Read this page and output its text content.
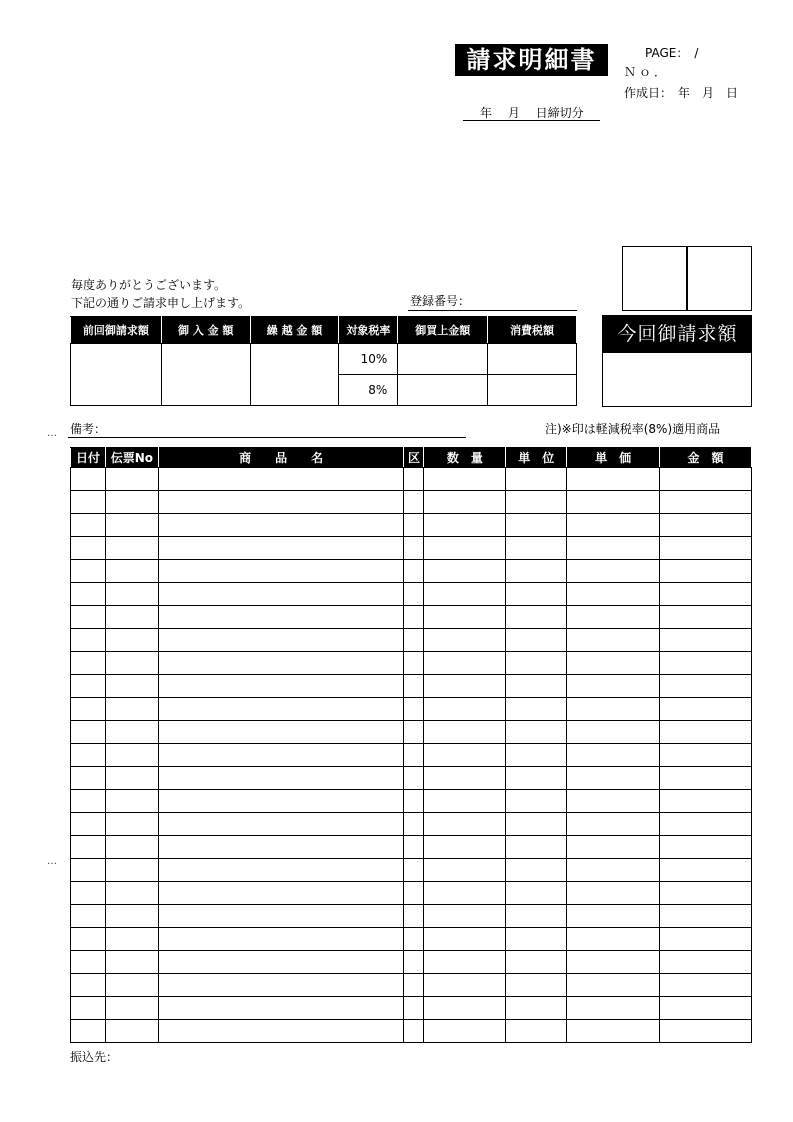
請求明細書	PAGE：　/
Ｎｏ．
作成日：　年　月　日
年　 月　 日締切分
毎度ありがとうございます。
下記の通りご請求申し上げます。	登録番号：
前回御請求額	御 入 金 額	繰 越 金 額	対象税率	御買上金額	消費税額
			10%		
			8%		
今回御請求額
… 備考：	注)※印は軽減税率(8%)適用商品
日付	伝票No	商　　品　　名	区	数　量	単　位	単　価	金　額

…
振込先：
